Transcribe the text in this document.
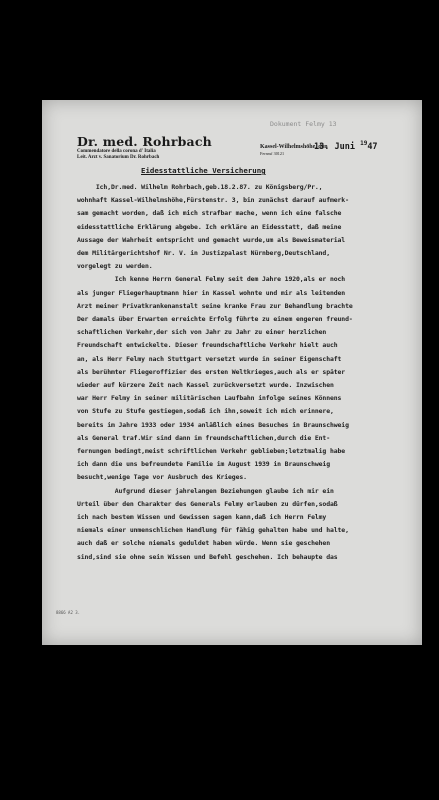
Dr. med. Rohrbach
Commendatore della corona d' Italia
Leit. Arzt v. Sanatorium Dr. Rohrbach
Dokument Felmy 13
Kassel-Wilhelmshöhe, den
Fernruf 30121
13. Juni $^{19}$47
Eidesstattliche Versicherung
Ich,Dr.med. Wilhelm Rohrbach,geb.18.2.87. zu Königsberg/Pr.,
wohnhaft Kassel-Wilhelmshöhe,Fürstenstr. 3, bin zunächst darauf aufmerk-
sam gemacht worden, daß ich mich strafbar mache, wenn ich eine falsche
eidesstattliche Erklärung abgebe. Ich erkläre an Eidesstatt, daß meine
Aussage der Wahrheit entspricht und gemacht wurde,um als Beweismaterial
dem Militärgerichtshof Nr. V. in Justizpalast Nürnberg,Deutschland,
vorgelegt zu werden.
Ich kenne Herrn General Felmy seit dem Jahre 1920,als er noch
als junger Fliegerhauptmann hier in Kassel wohnte und mir als leitenden
Arzt meiner Privatkrankenanstalt seine kranke Frau zur Behandlung brachte
Der damals über Erwarten erreichte Erfolg führte zu einem engeren freund-
schaftlichen Verkehr,der sich von Jahr zu Jahr zu einer herzlichen
Freundschaft entwickelte. Dieser freundschaftliche Verkehr hielt auch
an, als Herr Felmy nach Stuttgart versetzt wurde in seiner Eigenschaft
als berühmter Fliegeroffizier des ersten Weltkrieges,auch als er später
wieder auf kürzere Zeit nach Kassel zurückversetzt wurde. Inzwischen
war Herr Felmy in seiner militärischen Laufbahn infolge seines Könnens
von Stufe zu Stufe gestiegen,sodaß ich ihn,soweit ich mich erinnere,
bereits im Jahre 1933 oder 1934 anläßlich eines Besuches in Braunschweig
als General traf.Wir sind dann im freundschaftlichen,durch die Ent-
fernungen bedingt,meist schriftlichen Verkehr geblieben;letztmalig habe
ich dann die uns befreundete Familie im August 1939 in Braunschweig
besucht,wenige Tage vor Ausbruch des Krieges.
Aufgrund dieser jahrelangen Beziehungen glaube ich mir ein
Urteil über den Charakter des Generals Felmy erlauben zu dürfen,sodaß
ich nach bestem Wissen und Gewissen sagen kann,daß ich Herrn Felmy
niemals einer unmenschlichen Handlung für fähig gehalten habe und halte,
auch daß er solche niemals geduldet haben würde. Wenn sie geschehen
sind,sind sie ohne sein Wissen und Befehl geschehen. Ich behaupte das
8866 A2 3.
